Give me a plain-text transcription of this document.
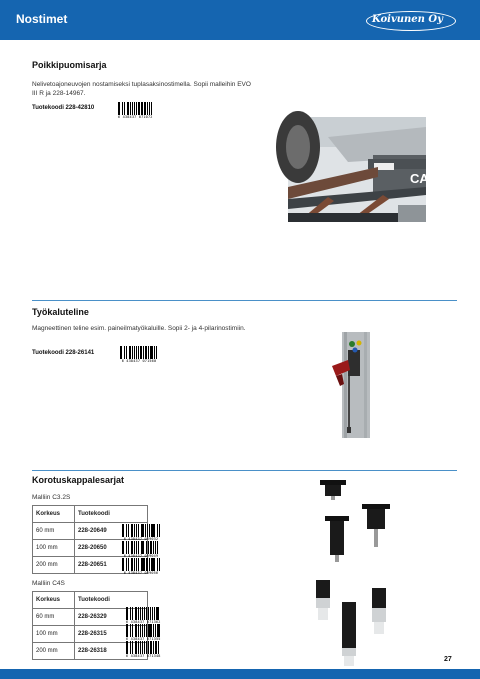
Nostimet	Koivunen Oy
Poikkipuomisarja
Nelivetoajoneuvojen nostamiseksi tuplasaksinostimella. Sopii malleihin EVO III R ja 228-14967.
Tuotekoodi 228-42810
6 438437 071072
CA
Työkaluteline
Magneettinen teline esim. paineilmatyökaluille. Sopii 2- ja 4-pilarinostimiin.
Tuotekoodi 228-26141
6 438437 071560
Korotuskappalesarjat
Malliin C3.2S
Korkeus	Tuotekoodi
60 mm	228-20649
100 mm	228-20650
200 mm	228-20651
6 438437 059032
6 438437 059049
6 438437 059056
Malliin C4S
Korkeus	Tuotekoodi
60 mm	228-26329
100 mm	228-26315
200 mm	228-26318
6 438437 071362
6 438437 071355
6 438437 071348	27
